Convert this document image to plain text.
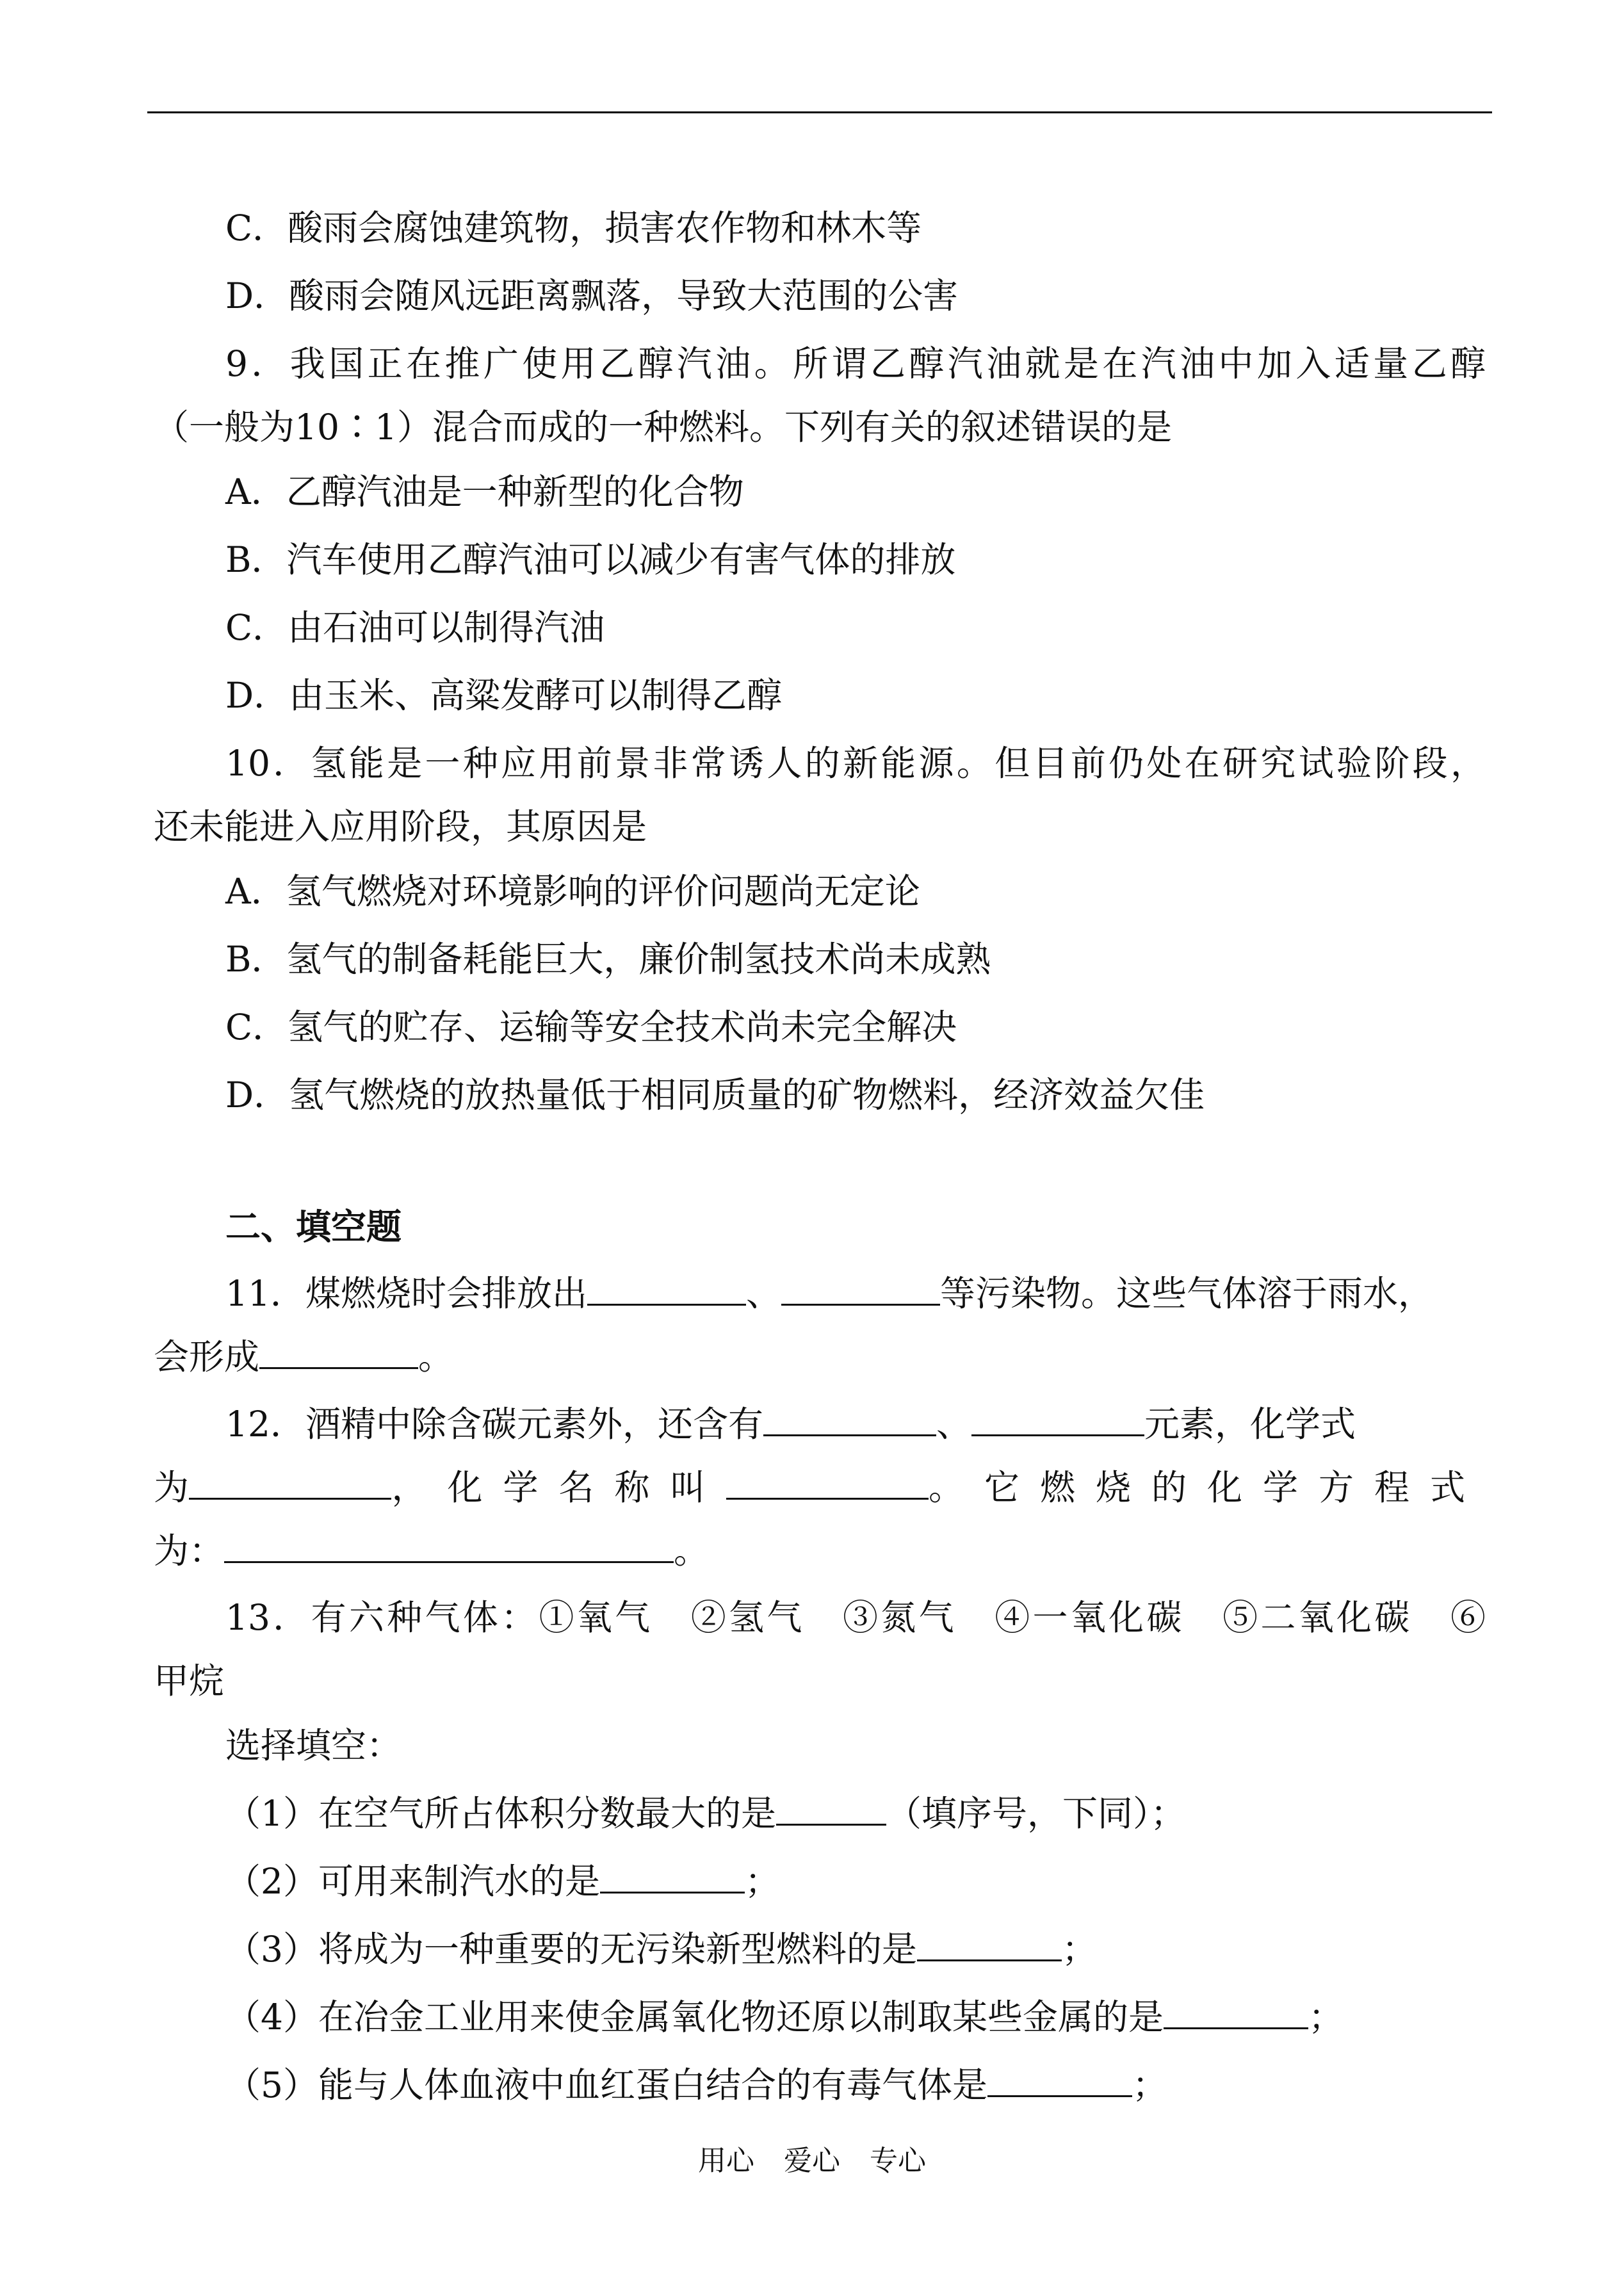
C．酸雨会腐蚀建筑物，损害农作物和林木等
D．酸雨会随风远距离飘落，导致大范围的公害
9．我国正在推广使用乙醇汽油。所谓乙醇汽油就是在汽油中加入适量乙醇
（一般为10∶1）混合而成的一种燃料。下列有关的叙述错误的是
A．乙醇汽油是一种新型的化合物
B．汽车使用乙醇汽油可以减少有害气体的排放
C．由石油可以制得汽油
D．由玉米、高粱发酵可以制得乙醇
10．氢能是一种应用前景非常诱人的新能源。但目前仍处在研究试验阶段，
还未能进入应用阶段，其原因是
A．氢气燃烧对环境影响的评价问题尚无定论
B．氢气的制备耗能巨大，廉价制氢技术尚未成熟
C．氢气的贮存、运输等安全技术尚未完全解决
D．氢气燃烧的放热量低于相同质量的矿物燃料，经济效益欠佳
二、填空题
11．煤燃烧时会排放出	、	等污染物。这些气体溶于雨水，
会形成	。
12．酒精中除含碳元素外，还含有	、	元素，化学式
为	，化学名称叫	。它燃烧的化学方程式
为：	。
13．有六种气体：①氧气　②氢气　③氮气　④一氧化碳　⑤二氧化碳　⑥
甲烷
选择填空：
（1）在空气所占体积分数最大的是	（填序号，下同）；
（2）可用来制汽水的是	；
（3）将成为一种重要的无污染新型燃料的是	；
（4）在冶金工业用来使金属氧化物还原以制取某些金属的是	；
（5）能与人体血液中血红蛋白结合的有毒气体是	；
用心 爱心 专心
